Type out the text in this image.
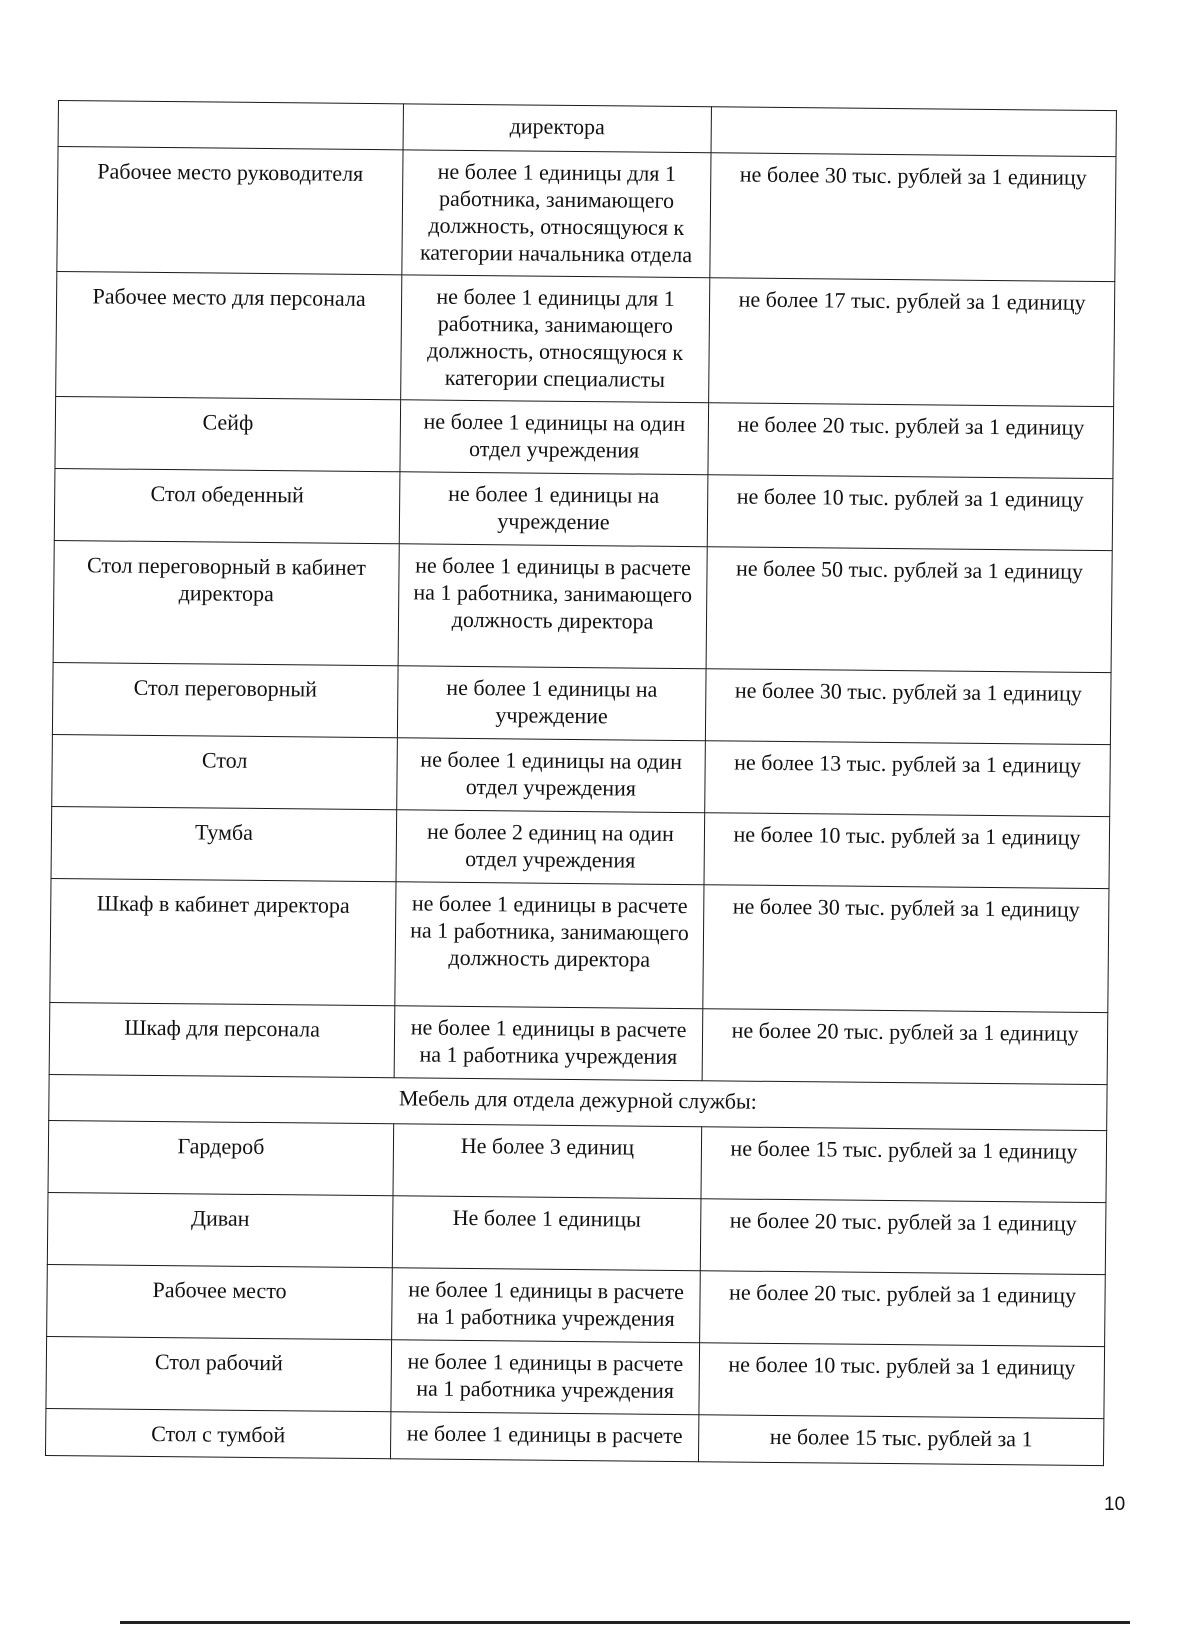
	директора	
Рабочее место руководителя	не более 1 единицы для 1 работника, занимающего должность, относящуюся к категории начальника отдела	не более 30 тыс. рублей за 1 единицу
Рабочее место для персонала	не более 1 единицы для 1 работника, занимающего должность, относящуюся к категории специалисты	не более 17 тыс. рублей за 1 единицу
Сейф	не более 1 единицы на один отдел учреждения	не более 20 тыс. рублей за 1 единицу
Стол обеденный	не более 1 единицы на учреждение	не более 10 тыс. рублей за 1 единицу
Стол переговорный в кабинет директора	не более 1 единицы в расчете на 1 работника, занимающего должность директора	не более 50 тыс. рублей за 1 единицу
Стол переговорный	не более 1 единицы на учреждение	не более 30 тыс. рублей за 1 единицу
Стол	не более 1 единицы на один отдел учреждения	не более 13 тыс. рублей за 1 единицу
Тумба	не более 2 единиц на один отдел учреждения	не более 10 тыс. рублей за 1 единицу
Шкаф в кабинет директора	не более 1 единицы в расчете на 1 работника, занимающего должность директора	не более 30 тыс. рублей за 1 единицу
Шкаф для персонала	не более 1 единицы в расчете на 1 работника учреждения	не более 20 тыс. рублей за 1 единицу
Мебель для отдела дежурной службы:		
Гардероб	Не более 3 единиц	не более 15 тыс. рублей за 1 единицу
Диван	Не более 1 единицы	не более 20 тыс. рублей за 1 единицу
Рабочее место	не более 1 единицы в расчете на 1 работника учреждения	не более 20 тыс. рублей за 1 единицу
Стол рабочий	не более 1 единицы в расчете на 1 работника учреждения	не более 10 тыс. рублей за 1 единицу
Стол с тумбой	не более 1 единицы в расчете	не более 15 тыс. рублей за 1
10
